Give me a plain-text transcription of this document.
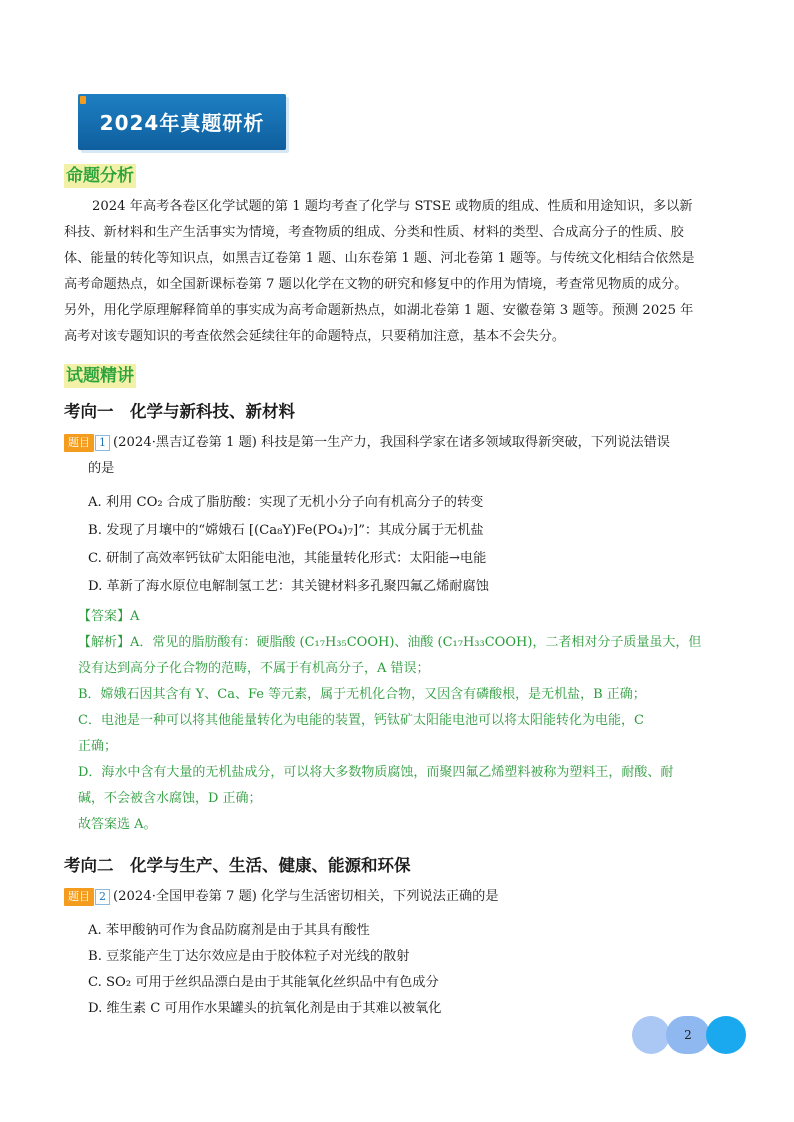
2024年真题研析
命题分析
2024 年高考各卷区化学试题的第 1 题均考查了化学与 STSE 或物质的组成、性质和用途知识，多以新
科技、新材料和生产生活事实为情境，考查物质的组成、分类和性质、材料的类型、合成高分子的性质、胶
体、能量的转化等知识点，如黑吉辽卷第 1 题、山东卷第 1 题、河北卷第 1 题等。与传统文化相结合依然是
高考命题热点，如全国新课标卷第 7 题以化学在文物的研究和修复中的作用为情境，考查常见物质的成分。
另外，用化学原理解释简单的事实成为高考命题新热点，如湖北卷第 1 题、安徽卷第 3 题等。预测 2025 年
高考对该专题知识的考查依然会延续往年的命题特点，只要稍加注意，基本不会失分。
试题精讲
考向一　化学与新科技、新材料
题目 1 (2024·黑吉辽卷第 1 题) 科技是第一生产力，我国科学家在诸多领域取得新突破，下列说法错误
的是
A. 利用 CO₂ 合成了脂肪酸：实现了无机小分子向有机高分子的转变
B. 发现了月壤中的“嫦娥石 [(Ca₈Y)Fe(PO₄)₇]”：其成分属于无机盐
C. 研制了高效率钙钛矿太阳能电池，其能量转化形式：太阳能→电能
D. 革新了海水原位电解制氢工艺：其关键材料多孔聚四氟乙烯耐腐蚀
【答案】A
【解析】A．常见的脂肪酸有：硬脂酸 (C₁₇H₃₅COOH)、油酸 (C₁₇H₃₃COOH)，二者相对分子质量虽大，但
没有达到高分子化合物的范畴，不属于有机高分子，A 错误；
B．嫦娥石因其含有 Y、Ca、Fe 等元素，属于无机化合物，又因含有磷酸根，是无机盐，B 正确；
C．电池是一种可以将其他能量转化为电能的装置，钙钛矿太阳能电池可以将太阳能转化为电能，C
正确；
D．海水中含有大量的无机盐成分，可以将大多数物质腐蚀，而聚四氟乙烯塑料被称为塑料王，耐酸、耐
碱，不会被含水腐蚀，D 正确；
故答案选 A。
考向二　化学与生产、生活、健康、能源和环保
题目 2 (2024·全国甲卷第 7 题) 化学与生活密切相关，下列说法正确的是
A. 苯甲酸钠可作为食品防腐剂是由于其具有酸性
B. 豆浆能产生丁达尔效应是由于胶体粒子对光线的散射
C. SO₂ 可用于丝织品漂白是由于其能氧化丝织品中有色成分
D. 维生素 C 可用作水果罐头的抗氧化剂是由于其难以被氧化
2
